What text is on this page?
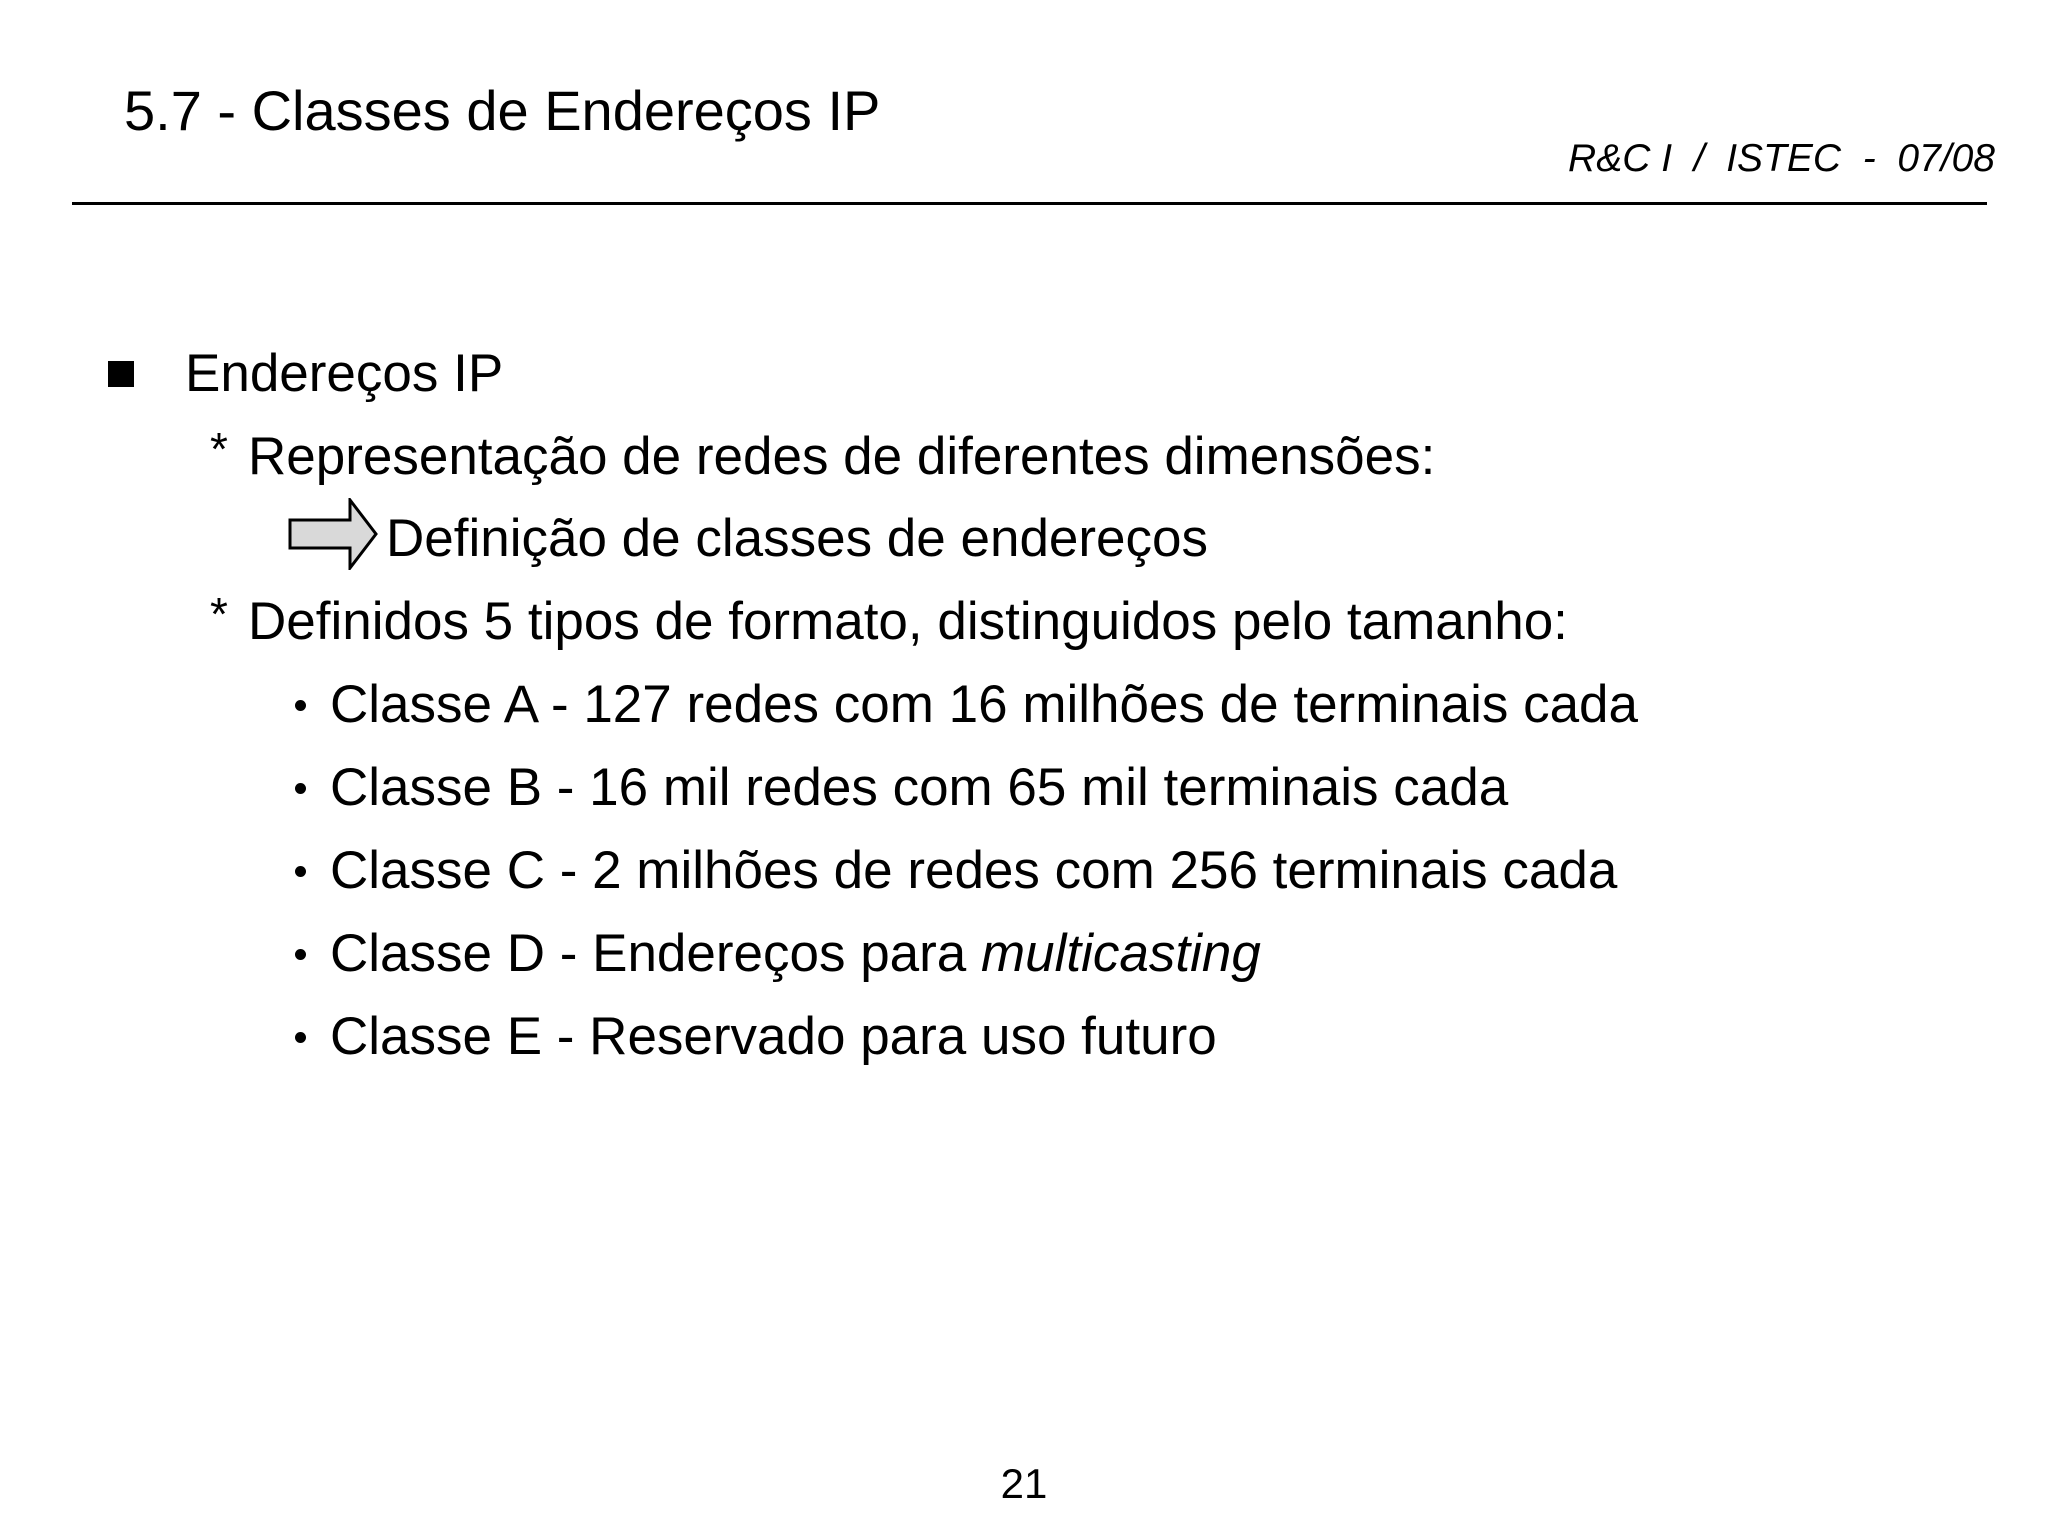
5.7 - Classes de Endereços IP
R&C I  /  ISTEC  -  07/08
Endereços IP
* Representação de redes de diferentes dimensões:
Definição de classes de endereços
* Definidos 5 tipos de formato, distinguidos pelo tamanho:
Classe A - 127 redes com 16 milhões de terminais cada
Classe B - 16 mil redes com 65 mil terminais cada
Classe C - 2 milhões de redes com 256 terminais cada
Classe D - Endereços para multicasting
Classe E - Reservado para uso futuro
21
